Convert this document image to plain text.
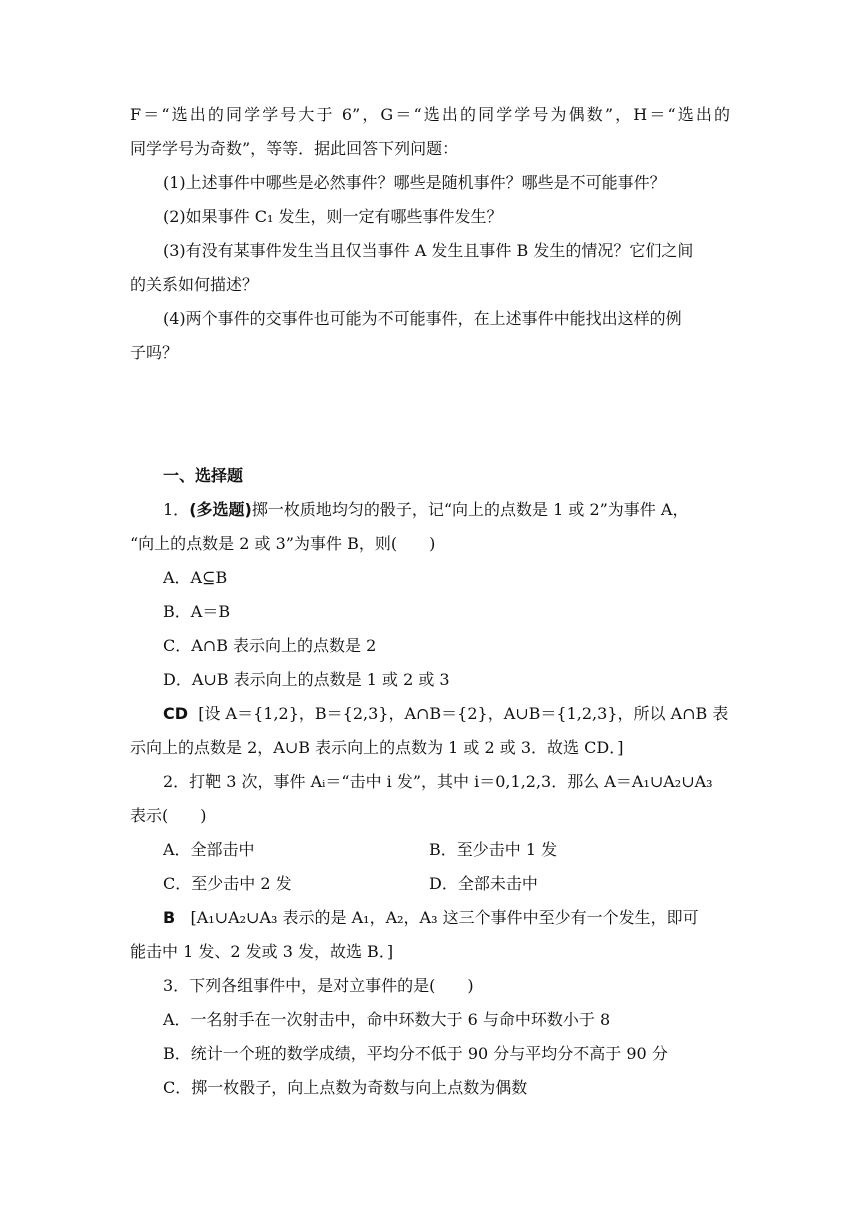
F＝“选出的同学学号大于 6”，G＝“选出的同学学号为偶数”，H＝“选出的
同学学号为奇数”，等等．据此回答下列问题：
(1)上述事件中哪些是必然事件？哪些是随机事件？哪些是不可能事件？
(2)如果事件 C₁ 发生，则一定有哪些事件发生？
(3)有没有某事件发生当且仅当事件 A 发生且事件 B 发生的情况？它们之间
的关系如何描述？
(4)两个事件的交事件也可能为不可能事件，在上述事件中能找出这样的例
子吗？
一、选择题
1．(多选题)掷一枚质地均匀的骰子，记“向上的点数是 1 或 2”为事件 A，
“向上的点数是 2 或 3”为事件 B，则(　　)
A．A⊆B
B．A＝B
C．A∩B 表示向上的点数是 2
D．A∪B 表示向上的点数是 1 或 2 或 3
CD [设 A＝{1,2}，B＝{2,3}，A∩B＝{2}，A∪B＝{1,2,3}，所以 A∩B 表
示向上的点数是 2，A∪B 表示向上的点数为 1 或 2 或 3．故选 CD．]
2．打靶 3 次，事件 Aᵢ＝“击中 i 发”，其中 i＝0,1,2,3．那么 A＝A₁∪A₂∪A₃
表示(　　)
A．全部击中	B．至少击中 1 发
C．至少击中 2 发	D．全部未击中
B [A₁∪A₂∪A₃ 表示的是 A₁，A₂，A₃ 这三个事件中至少有一个发生，即可
能击中 1 发、2 发或 3 发，故选 B．]
3．下列各组事件中，是对立事件的是(　　)
A．一名射手在一次射击中，命中环数大于 6 与命中环数小于 8
B．统计一个班的数学成绩，平均分不低于 90 分与平均分不高于 90 分
C．掷一枚骰子，向上点数为奇数与向上点数为偶数
